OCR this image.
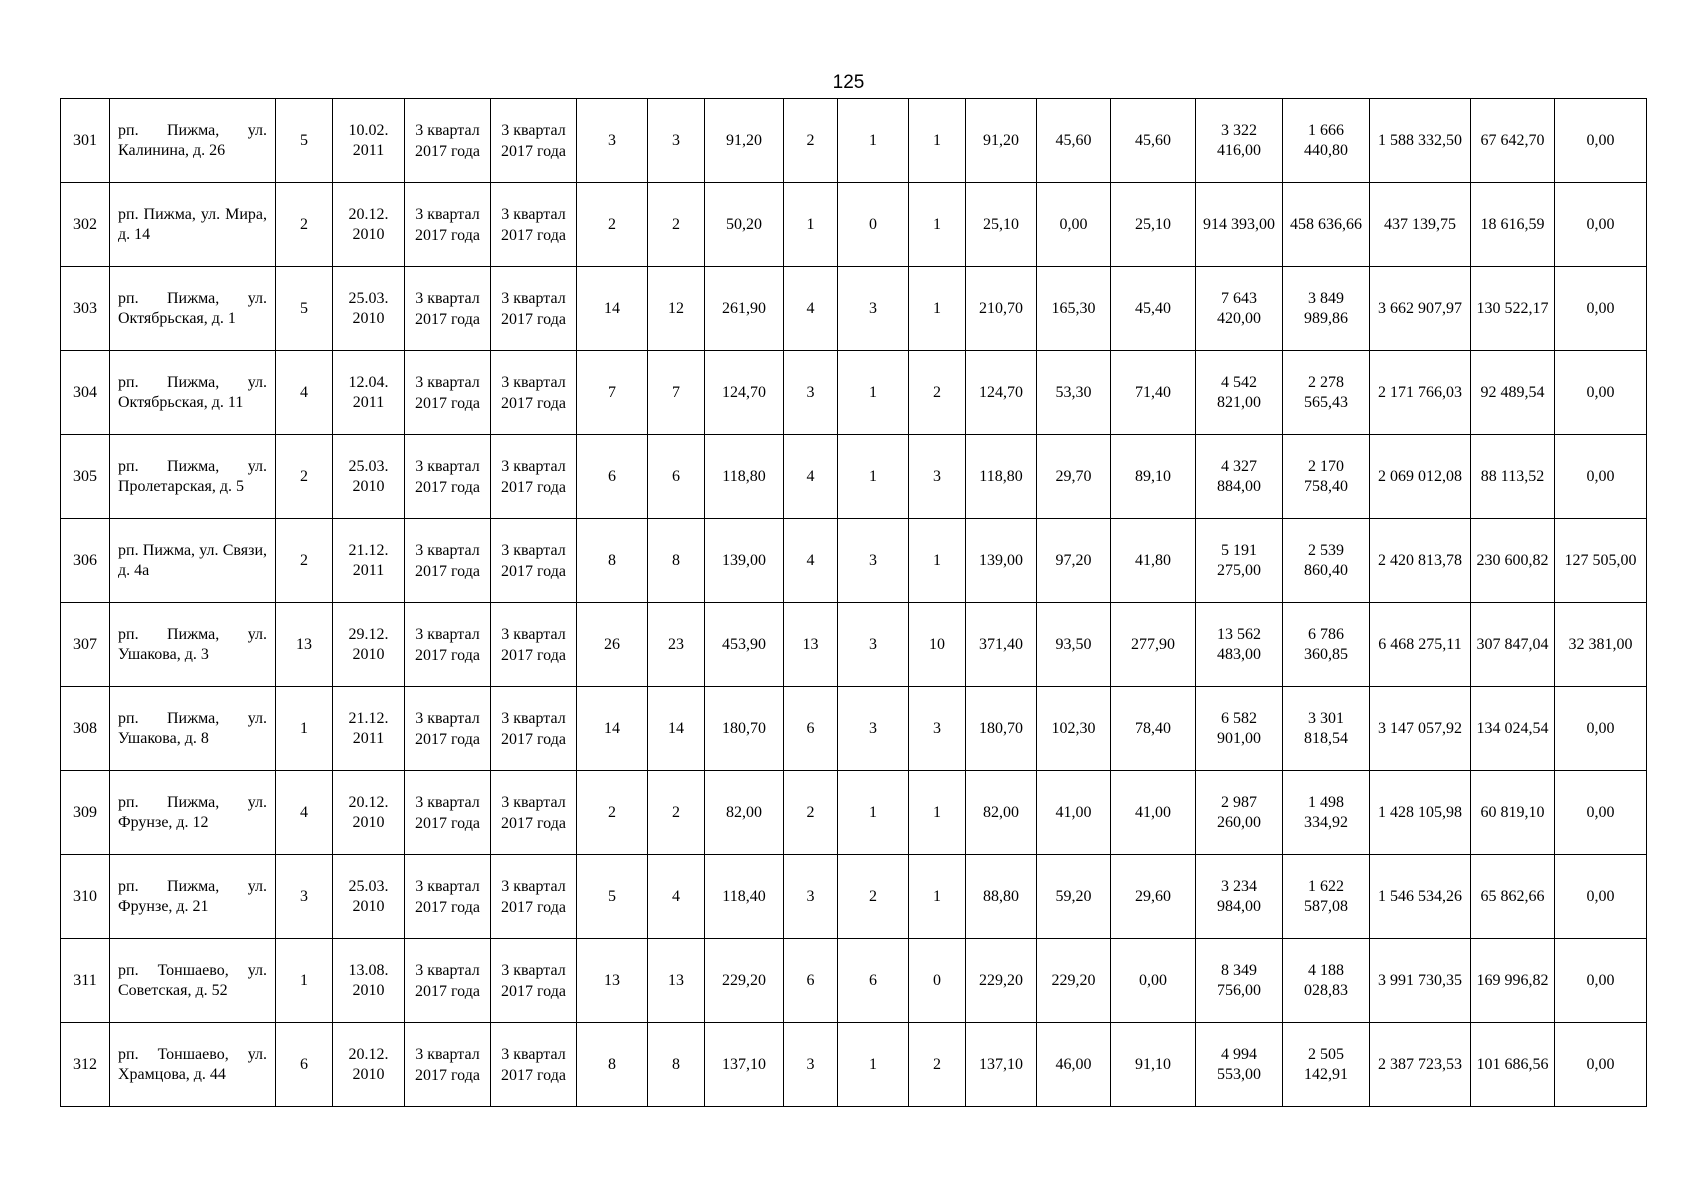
125
301	рп. Пижма, ул. Калинина, д. 26	5	10.02. 2011	3 квартал 2017 года	3 квартал 2017 года	3	3	91,20	2	1	1	91,20	45,60	45,60	3 322 416,00	1 666 440,80	1 588 332,50	67 642,70	0,00
302	рп. Пижма, ул. Мира, д. 14	2	20.12. 2010	3 квартал 2017 года	3 квартал 2017 года	2	2	50,20	1	0	1	25,10	0,00	25,10	914 393,00	458 636,66	437 139,75	18 616,59	0,00
303	рп. Пижма, ул. Октябрьская, д. 1	5	25.03. 2010	3 квартал 2017 года	3 квартал 2017 года	14	12	261,90	4	3	1	210,70	165,30	45,40	7 643 420,00	3 849 989,86	3 662 907,97	130 522,17	0,00
304	рп. Пижма, ул. Октябрьская, д. 11	4	12.04. 2011	3 квартал 2017 года	3 квартал 2017 года	7	7	124,70	3	1	2	124,70	53,30	71,40	4 542 821,00	2 278 565,43	2 171 766,03	92 489,54	0,00
305	рп. Пижма, ул. Пролетарская, д. 5	2	25.03. 2010	3 квартал 2017 года	3 квартал 2017 года	6	6	118,80	4	1	3	118,80	29,70	89,10	4 327 884,00	2 170 758,40	2 069 012,08	88 113,52	0,00
306	рп. Пижма, ул. Связи, д. 4а	2	21.12. 2011	3 квартал 2017 года	3 квартал 2017 года	8	8	139,00	4	3	1	139,00	97,20	41,80	5 191 275,00	2 539 860,40	2 420 813,78	230 600,82	127 505,00
307	рп. Пижма, ул. Ушакова, д. 3	13	29.12. 2010	3 квартал 2017 года	3 квартал 2017 года	26	23	453,90	13	3	10	371,40	93,50	277,90	13 562 483,00	6 786 360,85	6 468 275,11	307 847,04	32 381,00
308	рп. Пижма, ул. Ушакова, д. 8	1	21.12. 2011	3 квартал 2017 года	3 квартал 2017 года	14	14	180,70	6	3	3	180,70	102,30	78,40	6 582 901,00	3 301 818,54	3 147 057,92	134 024,54	0,00
309	рп. Пижма, ул. Фрунзе, д. 12	4	20.12. 2010	3 квартал 2017 года	3 квартал 2017 года	2	2	82,00	2	1	1	82,00	41,00	41,00	2 987 260,00	1 498 334,92	1 428 105,98	60 819,10	0,00
310	рп. Пижма, ул. Фрунзе, д. 21	3	25.03. 2010	3 квартал 2017 года	3 квартал 2017 года	5	4	118,40	3	2	1	88,80	59,20	29,60	3 234 984,00	1 622 587,08	1 546 534,26	65 862,66	0,00
311	рп. Тоншаево, ул. Советская, д. 52	1	13.08. 2010	3 квартал 2017 года	3 квартал 2017 года	13	13	229,20	6	6	0	229,20	229,20	0,00	8 349 756,00	4 188 028,83	3 991 730,35	169 996,82	0,00
312	рп. Тоншаево, ул. Храмцова, д. 44	6	20.12. 2010	3 квартал 2017 года	3 квартал 2017 года	8	8	137,10	3	1	2	137,10	46,00	91,10	4 994 553,00	2 505 142,91	2 387 723,53	101 686,56	0,00
